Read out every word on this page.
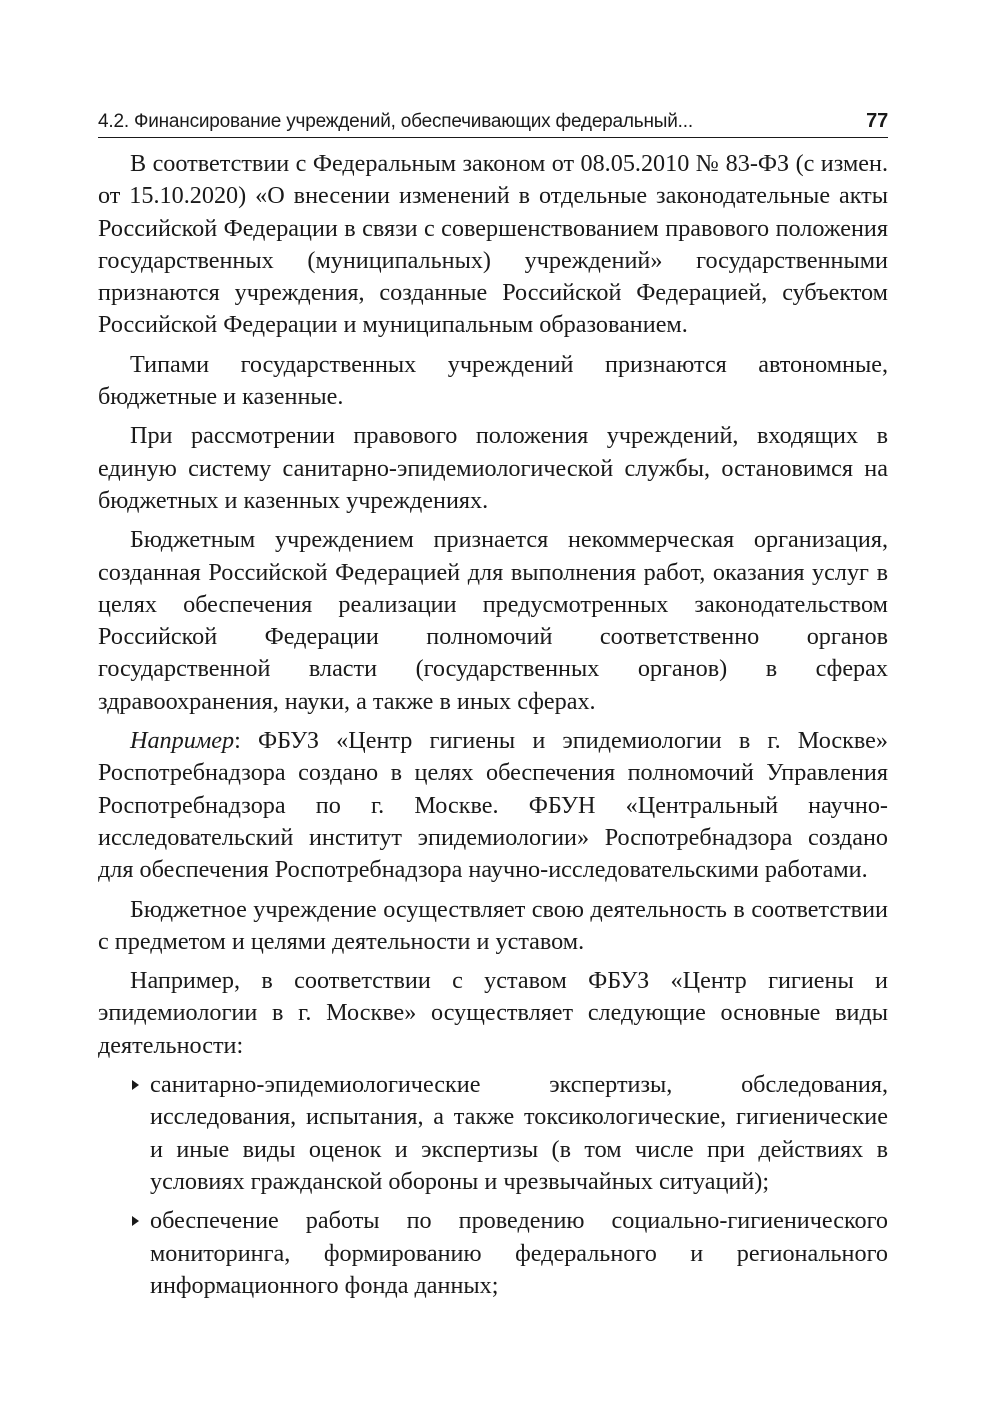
4.2. Финансирование учреждений, обеспечивающих федеральный...	77

В соответствии с Федеральным законом от 08.05.2010 № 83-ФЗ (с измен. от 15.10.2020) «О внесении изменений в отдельные законодательные акты Российской Федерации в связи с совершенствованием правового положения государственных (муниципальных) учреждений» государственными признаются учреждения, созданные Российской Федерацией, субъектом Российской Федерации и муниципальным образованием.

Типами государственных учреждений признаются автономные, бюджетные и казенные.

При рассмотрении правового положения учреждений, входящих в единую систему санитарно-эпидемиологической службы, остановимся на бюджетных и казенных учреждениях.

Бюджетным учреждением признается некоммерческая организация, созданная Российской Федерацией для выполнения работ, оказания услуг в целях обеспечения реализации предусмотренных законодательством Российской Федерации полномочий соответственно органов государственной власти (государственных органов) в сферах здравоохранения, науки, а также в иных сферах.

Например: ФБУЗ «Центр гигиены и эпидемиологии в г. Москве» Роспотребнадзора создано в целях обеспечения полномочий Управления Роспотребнадзора по г. Москве. ФБУН «Центральный научно-исследовательский институт эпидемиологии» Роспотребнадзора создано для обеспечения Роспотребнадзора научно-исследовательскими работами.

Бюджетное учреждение осуществляет свою деятельность в соответствии с предметом и целями деятельности и уставом.

Например, в соответствии с уставом ФБУЗ «Центр гигиены и эпидемиологии в г. Москве» осуществляет следующие основные виды деятельности:

санитарно-эпидемиологические экспертизы, обследования, исследования, испытания, а также токсикологические, гигиенические и иные виды оценок и экспертизы (в том числе при действиях в условиях гражданской обороны и чрезвычайных ситуаций);
обеспечение работы по проведению социально-гигиенического мониторинга, формированию федерального и регионального информационного фонда данных;
